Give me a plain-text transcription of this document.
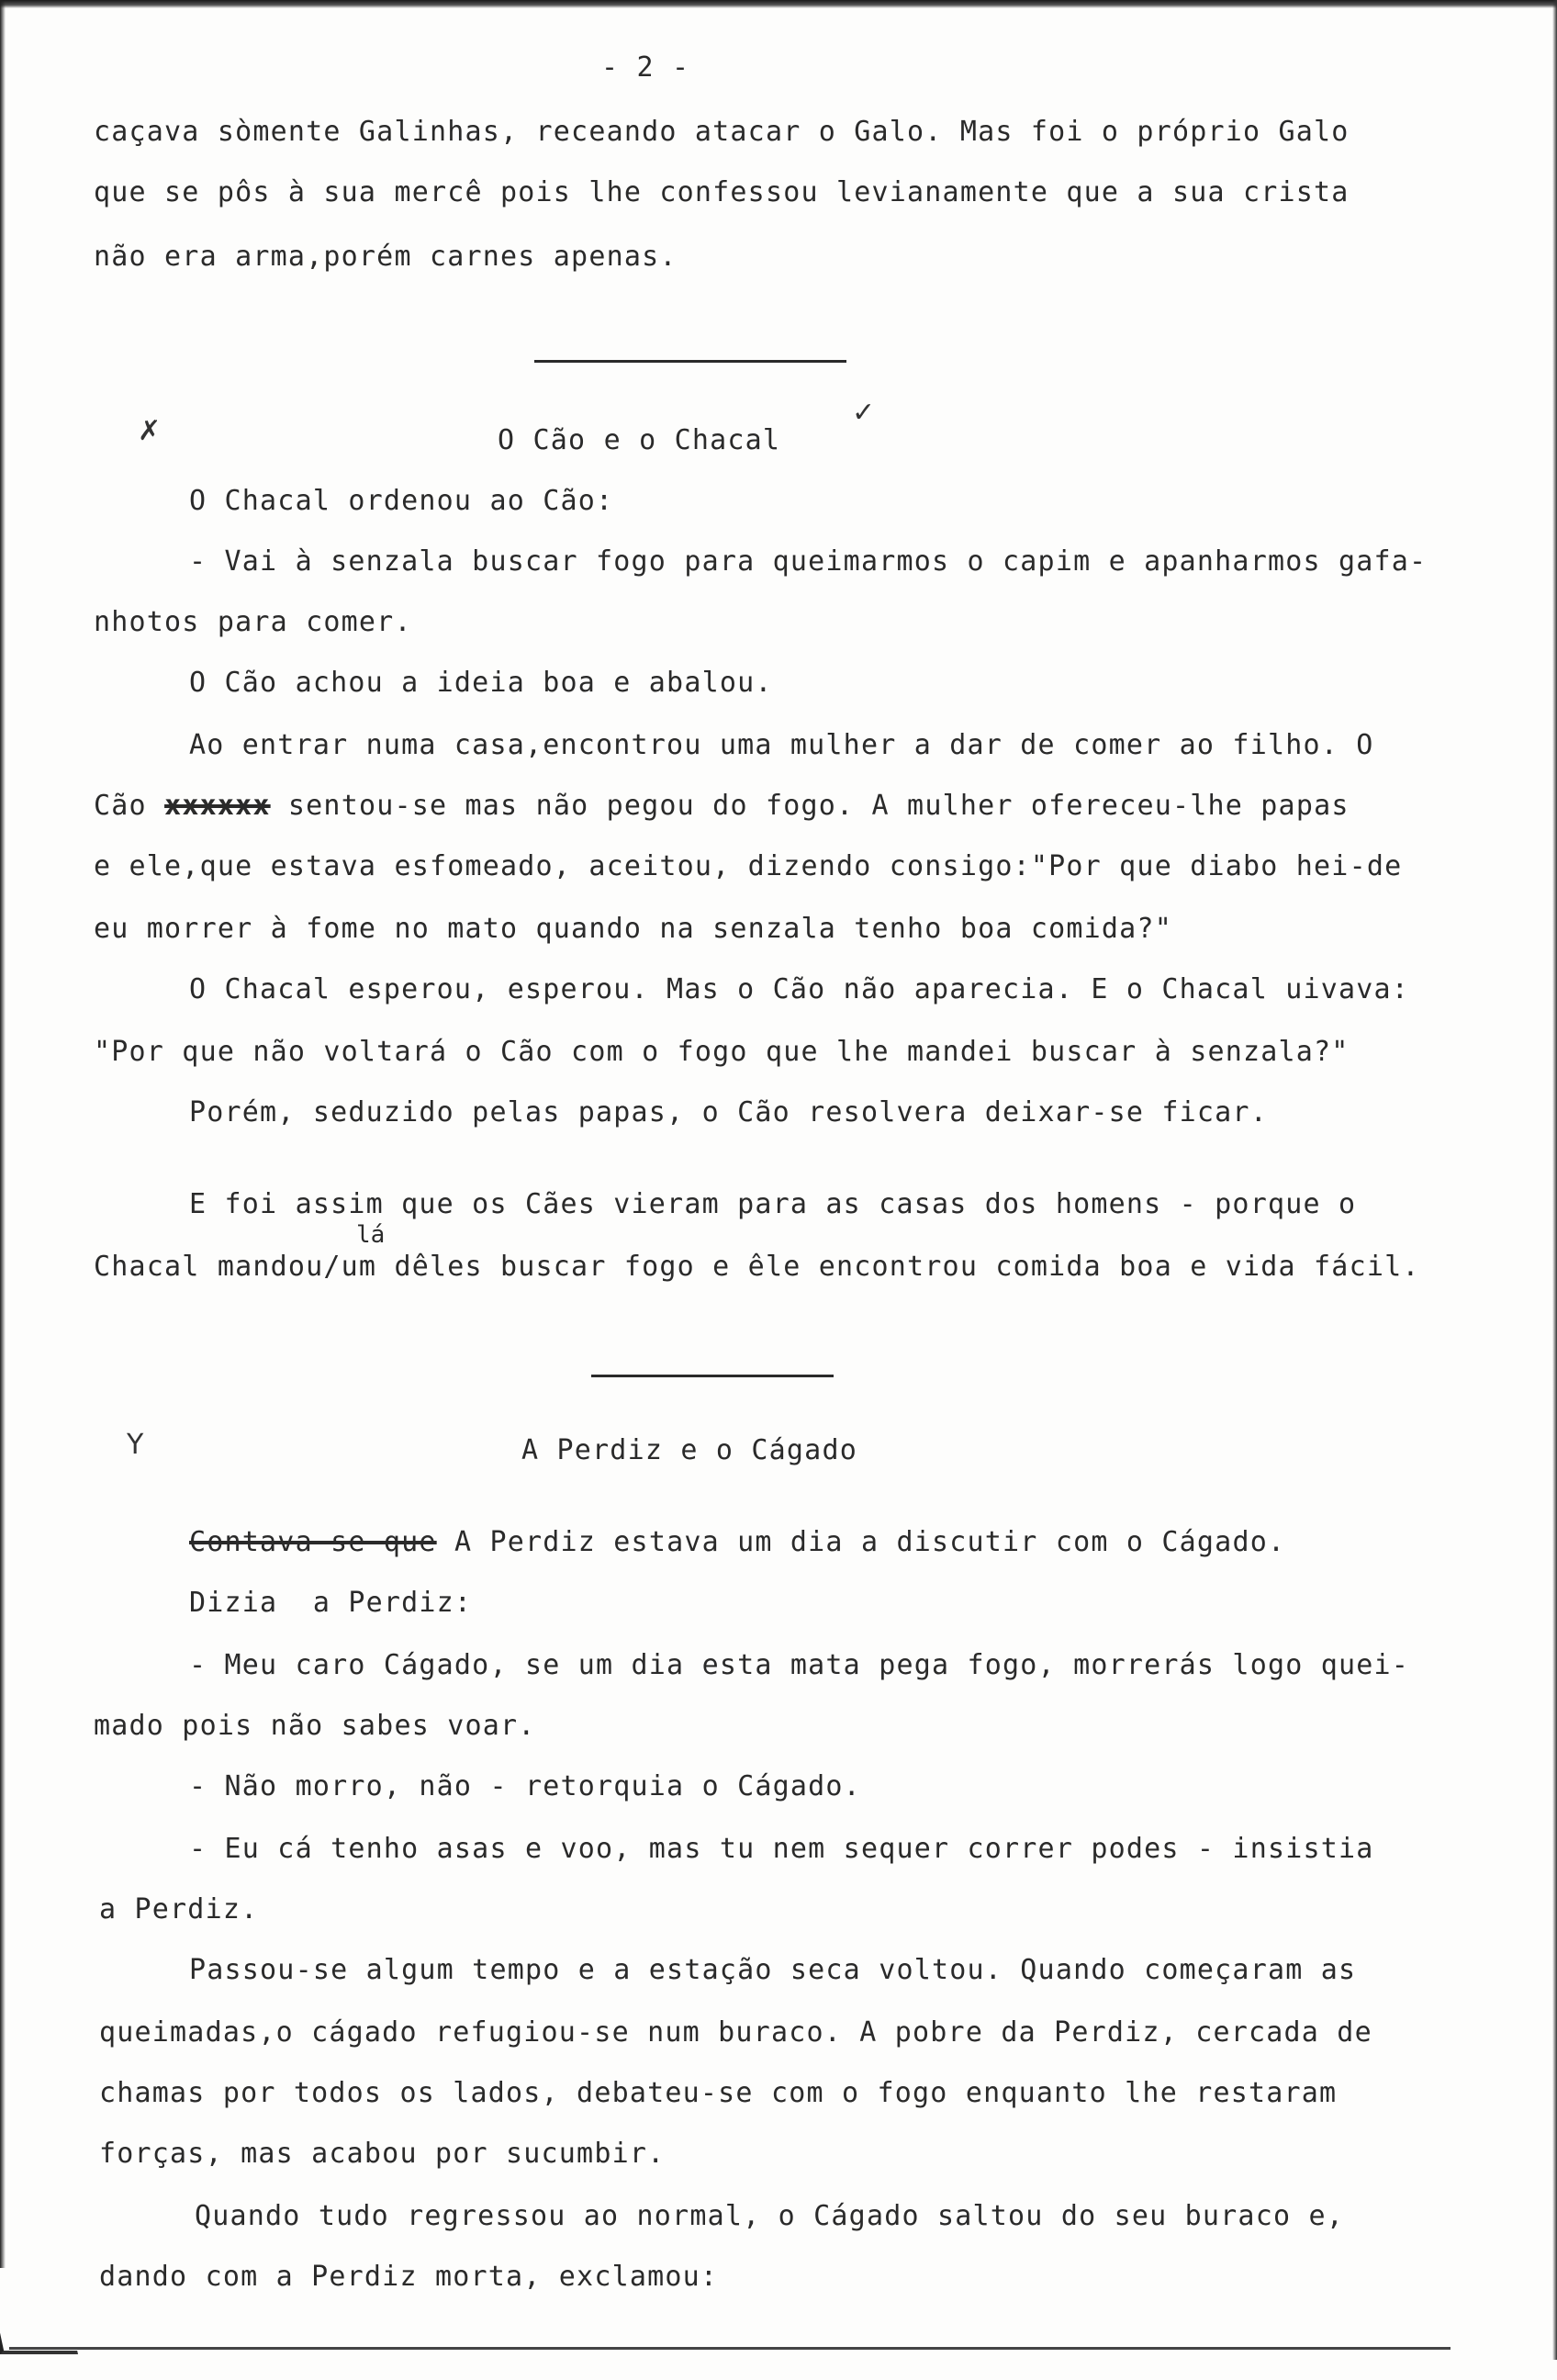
- 2 -
caçava sòmente Galinhas, receando atacar o Galo. Mas foi o próprio Galo
que se pôs à sua mercê pois lhe confessou levianamente que a sua crista
não era arma,porém carnes apenas.
✗
✓
O Cão e o Chacal
O Chacal ordenou ao Cão:
- Vai à senzala buscar fogo para queimarmos o capim e apanharmos gafa-
nhotos para comer.
O Cão achou a ideia boa e abalou.
Ao entrar numa casa,encontrou uma mulher a dar de comer ao filho. O
Cão xxxxxx sentou-se mas não pegou do fogo. A mulher ofereceu-lhe papas
e ele,que estava esfomeado, aceitou, dizendo consigo:"Por que diabo hei-de
eu morrer à fome no mato quando na senzala tenho boa comida?"
O Chacal esperou, esperou. Mas o Cão não aparecia. E o Chacal uivava:
"Por que não voltará o Cão com o fogo que lhe mandei buscar à senzala?"
Porém, seduzido pelas papas, o Cão resolvera deixar-se ficar.
E foi assim que os Cães vieram para as casas dos homens - porque o
lá
Chacal mandou/um dêles buscar fogo e êle encontrou comida boa e vida fácil.
Y	A Perdiz e o Cágado
Contava-se que A Perdiz estava um dia a discutir com o Cágado.
Dizia  a Perdiz:
- Meu caro Cágado, se um dia esta mata pega fogo, morrerás logo quei-
mado pois não sabes voar.
- Não morro, não - retorquia o Cágado.
- Eu cá tenho asas e voo, mas tu nem sequer correr podes - insistia
a Perdiz.
Passou-se algum tempo e a estação seca voltou. Quando começaram as
queimadas,o cágado refugiou-se num buraco. A pobre da Perdiz, cercada de
chamas por todos os lados, debateu-se com o fogo enquanto lhe restaram
forças, mas acabou por sucumbir.
Quando tudo regressou ao normal, o Cágado saltou do seu buraco e,
dando com a Perdiz morta, exclamou:
